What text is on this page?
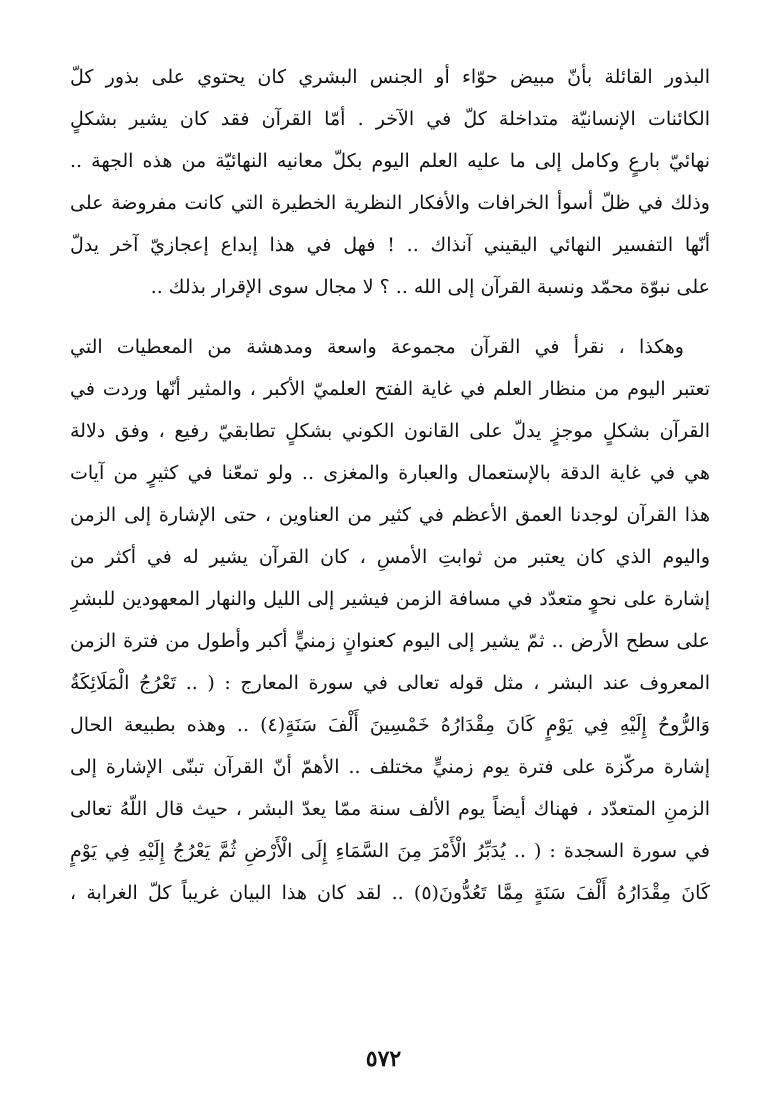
البذور القائلة بأنّ مبيض حوّاء أو الجنس البشري كان يحتوي على بذور كلّ
الكائنات الإنسانيّة متداخلة كلّ في الآخر . أمّا القرآن فقد كان يشير بشكلٍ
نهائيّ بارعٍ وكامل إلى ما عليه العلم اليوم بكلّ معانيه النهائيّة من هذه الجهة ..
وذلك في ظلّ أسوأ الخرافات والأفكار النظرية الخطيرة التي كانت مفروضة على
أنّها التفسير النهائي اليقيني آنذاك .. ! فهل في هذا إبداع إعجازيّ آخر يدلّ
على نبوّة محمّد ونسبة القرآن إلى الله .. ؟ لا مجال سوى الإقرار بذلك ..
وهكذا ، نقرأ في القرآن مجموعة واسعة ومدهشة من المعطيات التي
تعتبر اليوم من منظار العلم في غاية الفتح العلميّ الأكبر ، والمثير أنّها وردت في
القرآن بشكلٍ موجزٍ يدلّ على القانون الكوني بشكلٍ تطابقيّ رفيع ، وفق دلالة
هي في غاية الدقة بالإستعمال والعبارة والمغزى .. ولو تمعّنا في كثيرٍ من آيات
هذا القرآن لوجدنا العمق الأعظم في كثير من العناوين ، حتى الإشارة إلى الزمن
واليوم الذي كان يعتبر من ثوابتِ الأمسِ ، كان القرآن يشير له في أكثر من
إشارة على نحوٍ متعدّد في مسافة الزمن فيشير إلى الليل والنهار المعهودين للبشرِ
على سطح الأرض .. ثمّ يشير إلى اليوم كعنوانٍ زمنيٍّ أكبر وأطول من فترة الزمن
المعروف عند البشر ، مثل قوله تعالى في سورة المعارج : ( .. تَعْرُجُ الْمَلَائِكَةُ
وَالرُّوحُ إِلَيْهِ فِي يَوْمٍ كَانَ مِقْدَارُهُ خَمْسِينَ أَلْفَ سَنَةٍ(٤) .. وهذه بطبيعة الحال
إشارة مركّزة على فترة يوم زمنيٍّ مختلف .. الأهمّ أنّ القرآن تبنّى الإشارة إلى
الزمنِ المتعدّد ، فهناك أيضاً يوم الألف سنة ممّا يعدّ البشر ، حيث قال اللّهُ تعالى
في سورة السجدة : ( .. يُدَبِّرُ الْأَمْرَ مِنَ السَّمَاءِ إِلَى الْأَرْضِ ثُمَّ يَعْرُجُ إِلَيْهِ فِي يَوْمٍ
كَانَ مِقْدَارُهُ أَلْفَ سَنَةٍ مِمَّا تَعُدُّونَ(٥) .. لقد كان هذا البيان غريباً كلّ الغرابة ،
٥٧٢
